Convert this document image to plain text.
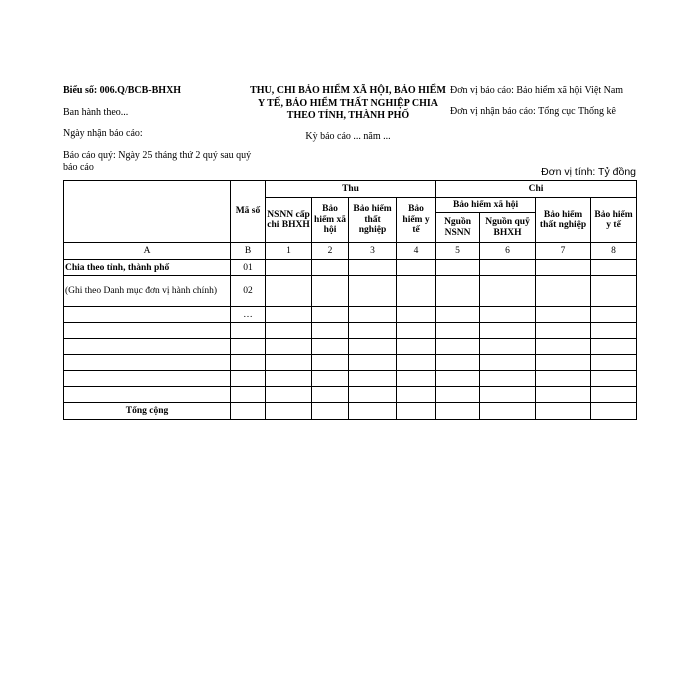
Biểu số: 006.Q/BCB-BHXH
Ban hành theo...
Ngày nhận báo cáo:
Báo cáo quý: Ngày 25 tháng thứ 2 quý sau quý báo cáo
THU, CHI BẢO HIỂM XÃ HỘI, BẢO HIỂM Y TẾ, BẢO HIỂM THẤT NGHIỆP CHIA THEO TỈNH, THÀNH PHỐ
Kỳ báo cáo ... năm ...
Đơn vị báo cáo: Bảo hiểm xã hội Việt Nam
Đơn vị nhận báo cáo: Tổng cục Thống kê
Đơn vị tính: Tỷ đồng
	Mã số	Thu				Chi			
		NSNN cấp chi BHXH	Bảo hiểm xã hội	Bảo hiểm thất nghiệp	Bảo hiểm y tế	Bảo hiểm xã hội		Bảo hiểm thất nghiệp	Bảo hiểm y tế
						Nguồn NSNN	Nguồn quỹ BHXH		
A	B	1	2	3	4	5	6	7	8
Chia theo tỉnh, thành phố	01								
(Ghi theo Danh mục đơn vị hành chính)	02								
	…								

Tổng cộng									
